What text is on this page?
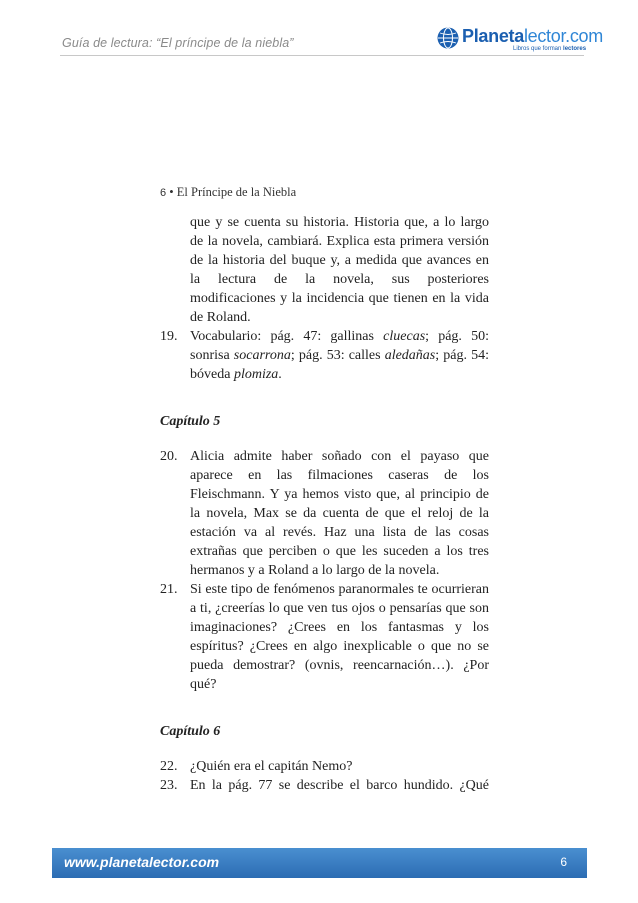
Guía de lectura: “El príncipe de la niebla”	Planetalector.com
Libros que forman lectores
6 • El Príncipe de la Niebla

que y se cuenta su historia. Historia que, a lo largo de la novela, cambiará. Explica esta primera versión de la historia del buque y, a medida que avances en la lectura de la novela, sus posteriores modificaciones y la incidencia que tienen en la vida de Roland.

19. Vocabulario: pág. 47: gallinas cluecas; pág. 50: sonrisa socarrona; pág. 53: calles aledañas; pág. 54: bóveda plomiza.

Capítulo 5

20. Alicia admite haber soñado con el payaso que aparece en las filmaciones caseras de los Fleischmann. Y ya hemos visto que, al principio de la novela, Max se da cuenta de que el reloj de la estación va al revés. Haz una lista de las cosas extrañas que perciben o que les suceden a los tres hermanos y a Roland a lo largo de la novela.

21. Si este tipo de fenómenos paranormales te ocurrieran a ti, ¿creerías lo que ven tus ojos o pensarías que son imaginaciones? ¿Crees en los fantasmas y los espíritus? ¿Crees en algo inexplicable o que no se pueda demostrar? (ovnis, reencarnación…). ¿Por qué?

Capítulo 6

22. ¿Quién era el capitán Nemo?

23. En la pág. 77 se describe el barco hundido. ¿Qué

www.planetalector.com	6
